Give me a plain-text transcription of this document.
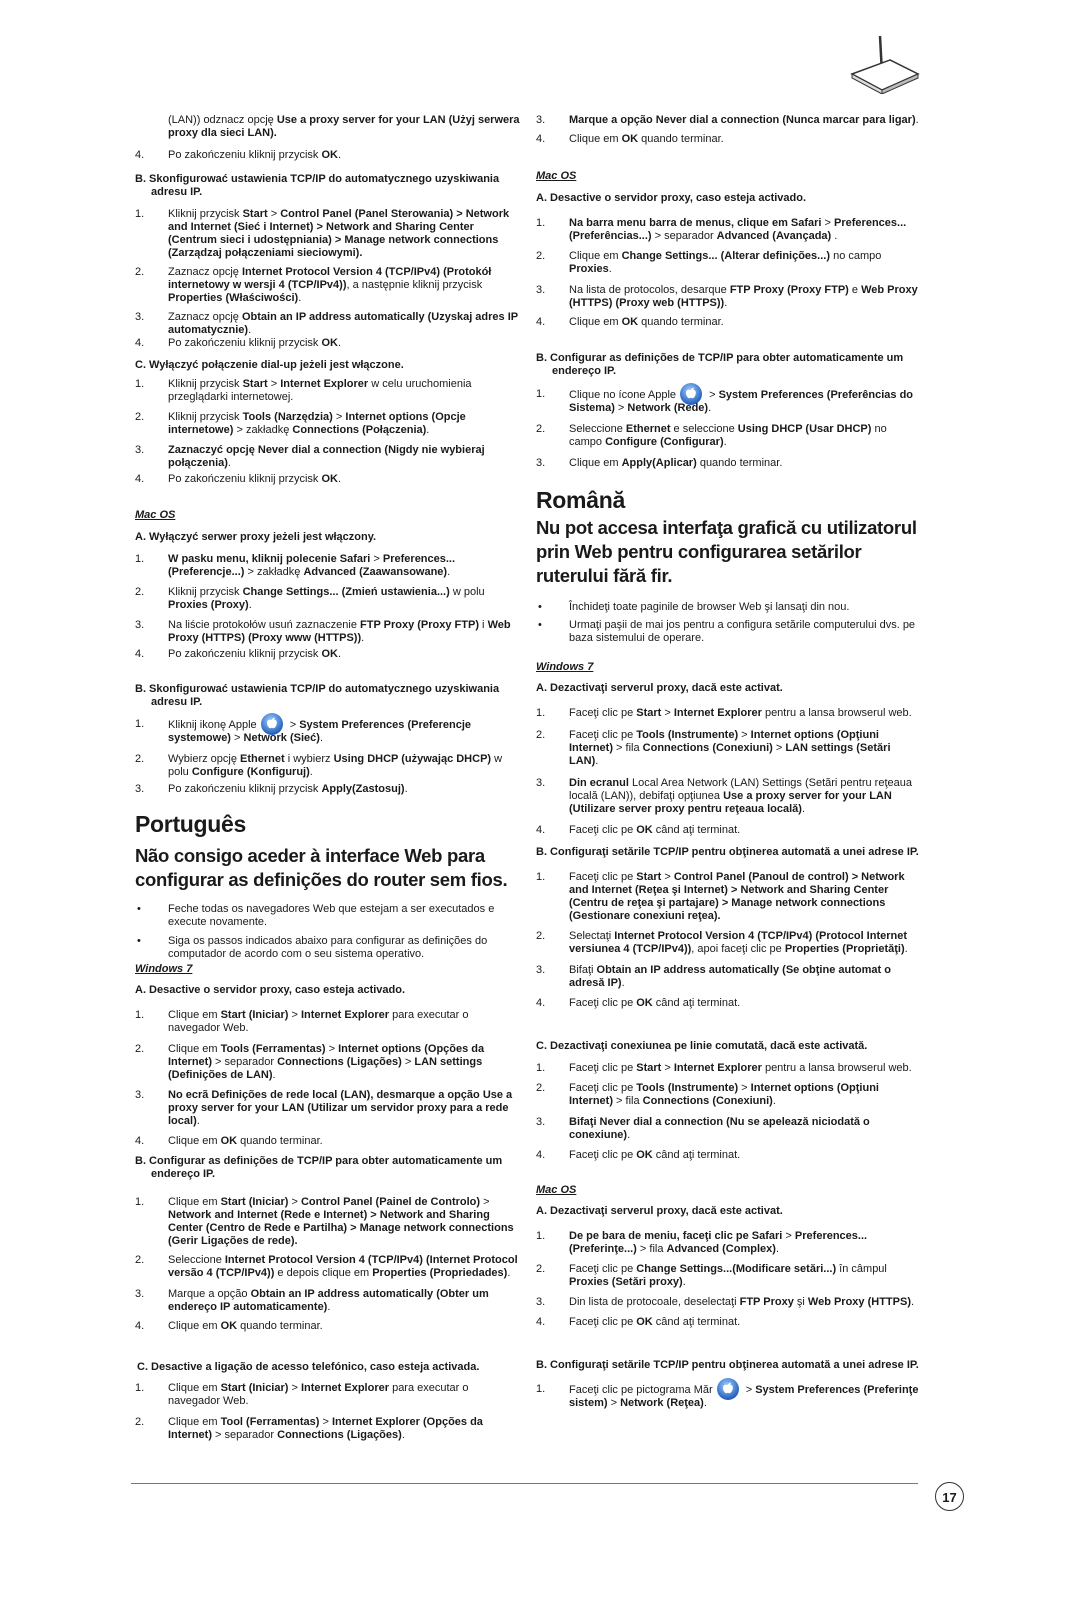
(LAN)) odznacz opcję Use a proxy server for your LAN (Użyj serwera proxy dla sieci LAN).
4. Po zakończeniu kliknij przycisk OK.
B. Skonfigurować ustawienia TCP/IP do automatycznego uzyskiwania adresu IP.
1. Kliknij przycisk Start > Control Panel (Panel Sterowania) > Network and Internet (Sieć i Internet) > Network and Sharing Center (Centrum sieci i udostępniania) > Manage network connections (Zarządzaj połączeniami sieciowymi).
2. Zaznacz opcję Internet Protocol Version 4 (TCP/IPv4) (Protokół internetowy w wersji 4 (TCP/IPv4)), a następnie kliknij przycisk Properties (Właściwości).
3. Zaznacz opcję Obtain an IP address automatically (Uzyskaj adres IP automatycznie).
4. Po zakończeniu kliknij przycisk OK.
C. Wyłączyć połączenie dial-up jeżeli jest włączone.
1. Kliknij przycisk Start > Internet Explorer w celu uruchomienia przeglądarki internetowej.
2. Kliknij przycisk Tools (Narzędzia) > Internet options (Opcje internetowe) > zakładkę Connections (Połączenia).
3. Zaznaczyć opcję Never dial a connection (Nigdy nie wybieraj połączenia).
4. Po zakończeniu kliknij przycisk OK.
Mac OS
A. Wyłączyć serwer proxy jeżeli jest włączony.
1. W pasku menu, kliknij polecenie Safari > Preferences... (Preferencje...) > zakładkę Advanced (Zaawansowane).
2. Kliknij przycisk Change Settings... (Zmień ustawienia...) w polu Proxies (Proxy).
3. Na liście protokołów usuń zaznaczenie FTP Proxy (Proxy FTP) i Web Proxy (HTTPS) (Proxy www (HTTPS)).
4. Po zakończeniu kliknij przycisk OK.
B. Skonfigurować ustawienia TCP/IP do automatycznego uzyskiwania adresu IP.
1. Kliknij ikonę Apple	> System Preferences (Preferencje systemowe) > Network (Sieć).
2. Wybierz opcję Ethernet i wybierz Using DHCP (używając DHCP) w polu Configure (Konfiguruj).
3. Po zakończeniu kliknij przycisk Apply(Zastosuj).
Português
Não consigo aceder à interface Web para configurar as definições do router sem fios.
• Feche todas os navegadores Web que estejam a ser executados e execute novamente.
• Siga os passos indicados abaixo para configurar as definições do computador de acordo com o seu sistema operativo.
Windows 7
A. Desactive o servidor proxy, caso esteja activado.
1. Clique em Start (Iniciar) > Internet Explorer para executar o navegador Web.
2. Clique em Tools (Ferramentas) > Internet options (Opções da Internet) > separador Connections (Ligações) > LAN settings (Definições de LAN).
3. No ecrã Definições de rede local (LAN), desmarque a opção Use a proxy server for your LAN (Utilizar um servidor proxy para a rede local).
4. Clique em OK quando terminar.
B. Configurar as definições de TCP/IP para obter automaticamente um endereço IP.
1. Clique em Start (Iniciar) > Control Panel (Painel de Controlo) > Network and Internet (Rede e Internet) > Network and Sharing Center (Centro de Rede e Partilha) > Manage network connections (Gerir Ligações de rede).
2. Seleccione Internet Protocol Version 4 (TCP/IPv4) (Internet Protocol versão 4 (TCP/IPv4)) e depois clique em Properties (Propriedades).
3. Marque a opção Obtain an IP address automatically (Obter um endereço IP automaticamente).
4. Clique em OK quando terminar.
C. Desactive a ligação de acesso telefónico, caso esteja activada.
1. Clique em Start (Iniciar) > Internet Explorer para executar o navegador Web.
2. Clique em Tool (Ferramentas) > Internet Explorer (Opções da Internet) > separador Connections (Ligações).
3. Marque a opção Never dial a connection (Nunca marcar para ligar).
4. Clique em OK quando terminar.
Mac OS
A. Desactive o servidor proxy, caso esteja activado.
1. Na barra menu barra de menus, clique em Safari > Preferences... (Preferências...) > separador Advanced (Avançada) .
2. Clique em Change Settings... (Alterar definições...) no campo Proxies.
3. Na lista de protocolos, desarque FTP Proxy (Proxy FTP) e Web Proxy (HTTPS) (Proxy web (HTTPS)).
4. Clique em OK quando terminar.
B. Configurar as definições de TCP/IP para obter automaticamente um endereço IP.
1. Clique no ícone Apple	> System Preferences (Preferências do Sistema) > Network (Rede).
2. Seleccione Ethernet e seleccione Using DHCP (Usar DHCP) no campo Configure (Configurar).
3. Clique em Apply(Aplicar) quando terminar.
Română
Nu pot accesa interfaţa grafică cu utilizatorul prin Web pentru configurarea setărilor ruterului fără fir.
• Închideţi toate paginile de browser Web şi lansaţi din nou.
• Urmaţi paşii de mai jos pentru a configura setările computerului dvs. pe baza sistemului de operare.
Windows 7
A. Dezactivaţi serverul proxy, dacă este activat.
1. Faceţi clic pe Start > Internet Explorer pentru a lansa browserul web.
2. Faceţi clic pe Tools (Instrumente) > Internet options (Opţiuni Internet) > fila Connections (Conexiuni) > LAN settings (Setări LAN).
3. Din ecranul Local Area Network (LAN) Settings (Setări pentru reţeaua locală (LAN)), debifaţi opţiunea Use a proxy server for your LAN (Utilizare server proxy pentru reţeaua locală).
4. Faceţi clic pe OK când aţi terminat.
B. Configuraţi setările TCP/IP pentru obţinerea automată a unei adrese IP.
1. Faceţi clic pe Start > Control Panel (Panoul de control) > Network and Internet (Reţea şi Internet) > Network and Sharing Center (Centru de reţea şi partajare) > Manage network connections (Gestionare conexiuni reţea).
2. Selectaţi Internet Protocol Version 4 (TCP/IPv4) (Protocol Internet versiunea 4 (TCP/IPv4)), apoi faceţi clic pe Properties (Proprietăţi).
3. Bifaţi Obtain an IP address automatically (Se obţine automat o adresă IP).
4. Faceţi clic pe OK când aţi terminat.
C. Dezactivaţi conexiunea pe linie comutată, dacă este activată.
1. Faceţi clic pe Start > Internet Explorer pentru a lansa browserul web.
2. Faceţi clic pe Tools (Instrumente) > Internet options (Opţiuni Internet) > fila Connections (Conexiuni).
3. Bifaţi Never dial a connection (Nu se apelează niciodată o conexiune).
4. Faceţi clic pe OK când aţi terminat.
Mac OS
A. Dezactivaţi serverul proxy, dacă este activat.
1. De pe bara de meniu, faceţi clic pe Safari > Preferences... (Preferinţe...) > fila Advanced (Complex).
2. Faceţi clic pe Change Settings...(Modificare setări...) în câmpul Proxies (Setări proxy).
3. Din lista de protocoale, deselectaţi FTP Proxy şi Web Proxy (HTTPS).
4. Faceţi clic pe OK când aţi terminat.
B. Configuraţi setările TCP/IP pentru obţinerea automată a unei adrese IP.
1. Faceţi clic pe pictograma Măr	> System Preferences (Preferinţe sistem) > Network (Reţea).
17
